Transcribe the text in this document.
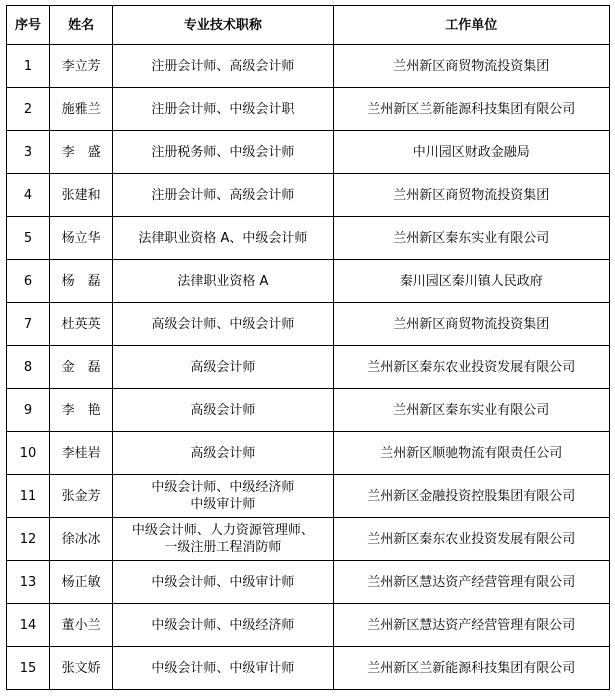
序号	姓名	专业技术职称	工作单位
1	李立芳	注册会计师、高级会计师	兰州新区商贸物流投资集团
2	施雅兰	注册会计师、中级会计职	兰州新区兰新能源科技集团有限公司
3	李　盛	注册税务师、中级会计师	中川园区财政金融局
4	张建和	注册会计师、高级会计师	兰州新区商贸物流投资集团
5	杨立华	法律职业资格 A、中级会计师	兰州新区秦东实业有限公司
6	杨　磊	法律职业资格 A	秦川园区秦川镇人民政府
7	杜英英	高级会计师、中级会计师	兰州新区商贸物流投资集团
8	金　磊	高级会计师	兰州新区秦东农业投资发展有限公司
9	李　艳	高级会计师	兰州新区秦东实业有限公司
10	李桂岩	高级会计师	兰州新区顺驰物流有限责任公司
11	张金芳	中级会计师、中级经济师
中级审计师	兰州新区金融投资控股集团有限公司
12	徐冰冰	中级会计师、人力资源管理师、
一级注册工程消防师	兰州新区秦东农业投资发展有限公司
13	杨正敏	中级会计师、中级审计师	兰州新区慧达资产经营管理有限公司
14	董小兰	中级会计师、中级经济师	兰州新区慧达资产经营管理有限公司
15	张文娇	中级会计师、中级审计师	兰州新区兰新能源科技集团有限公司
